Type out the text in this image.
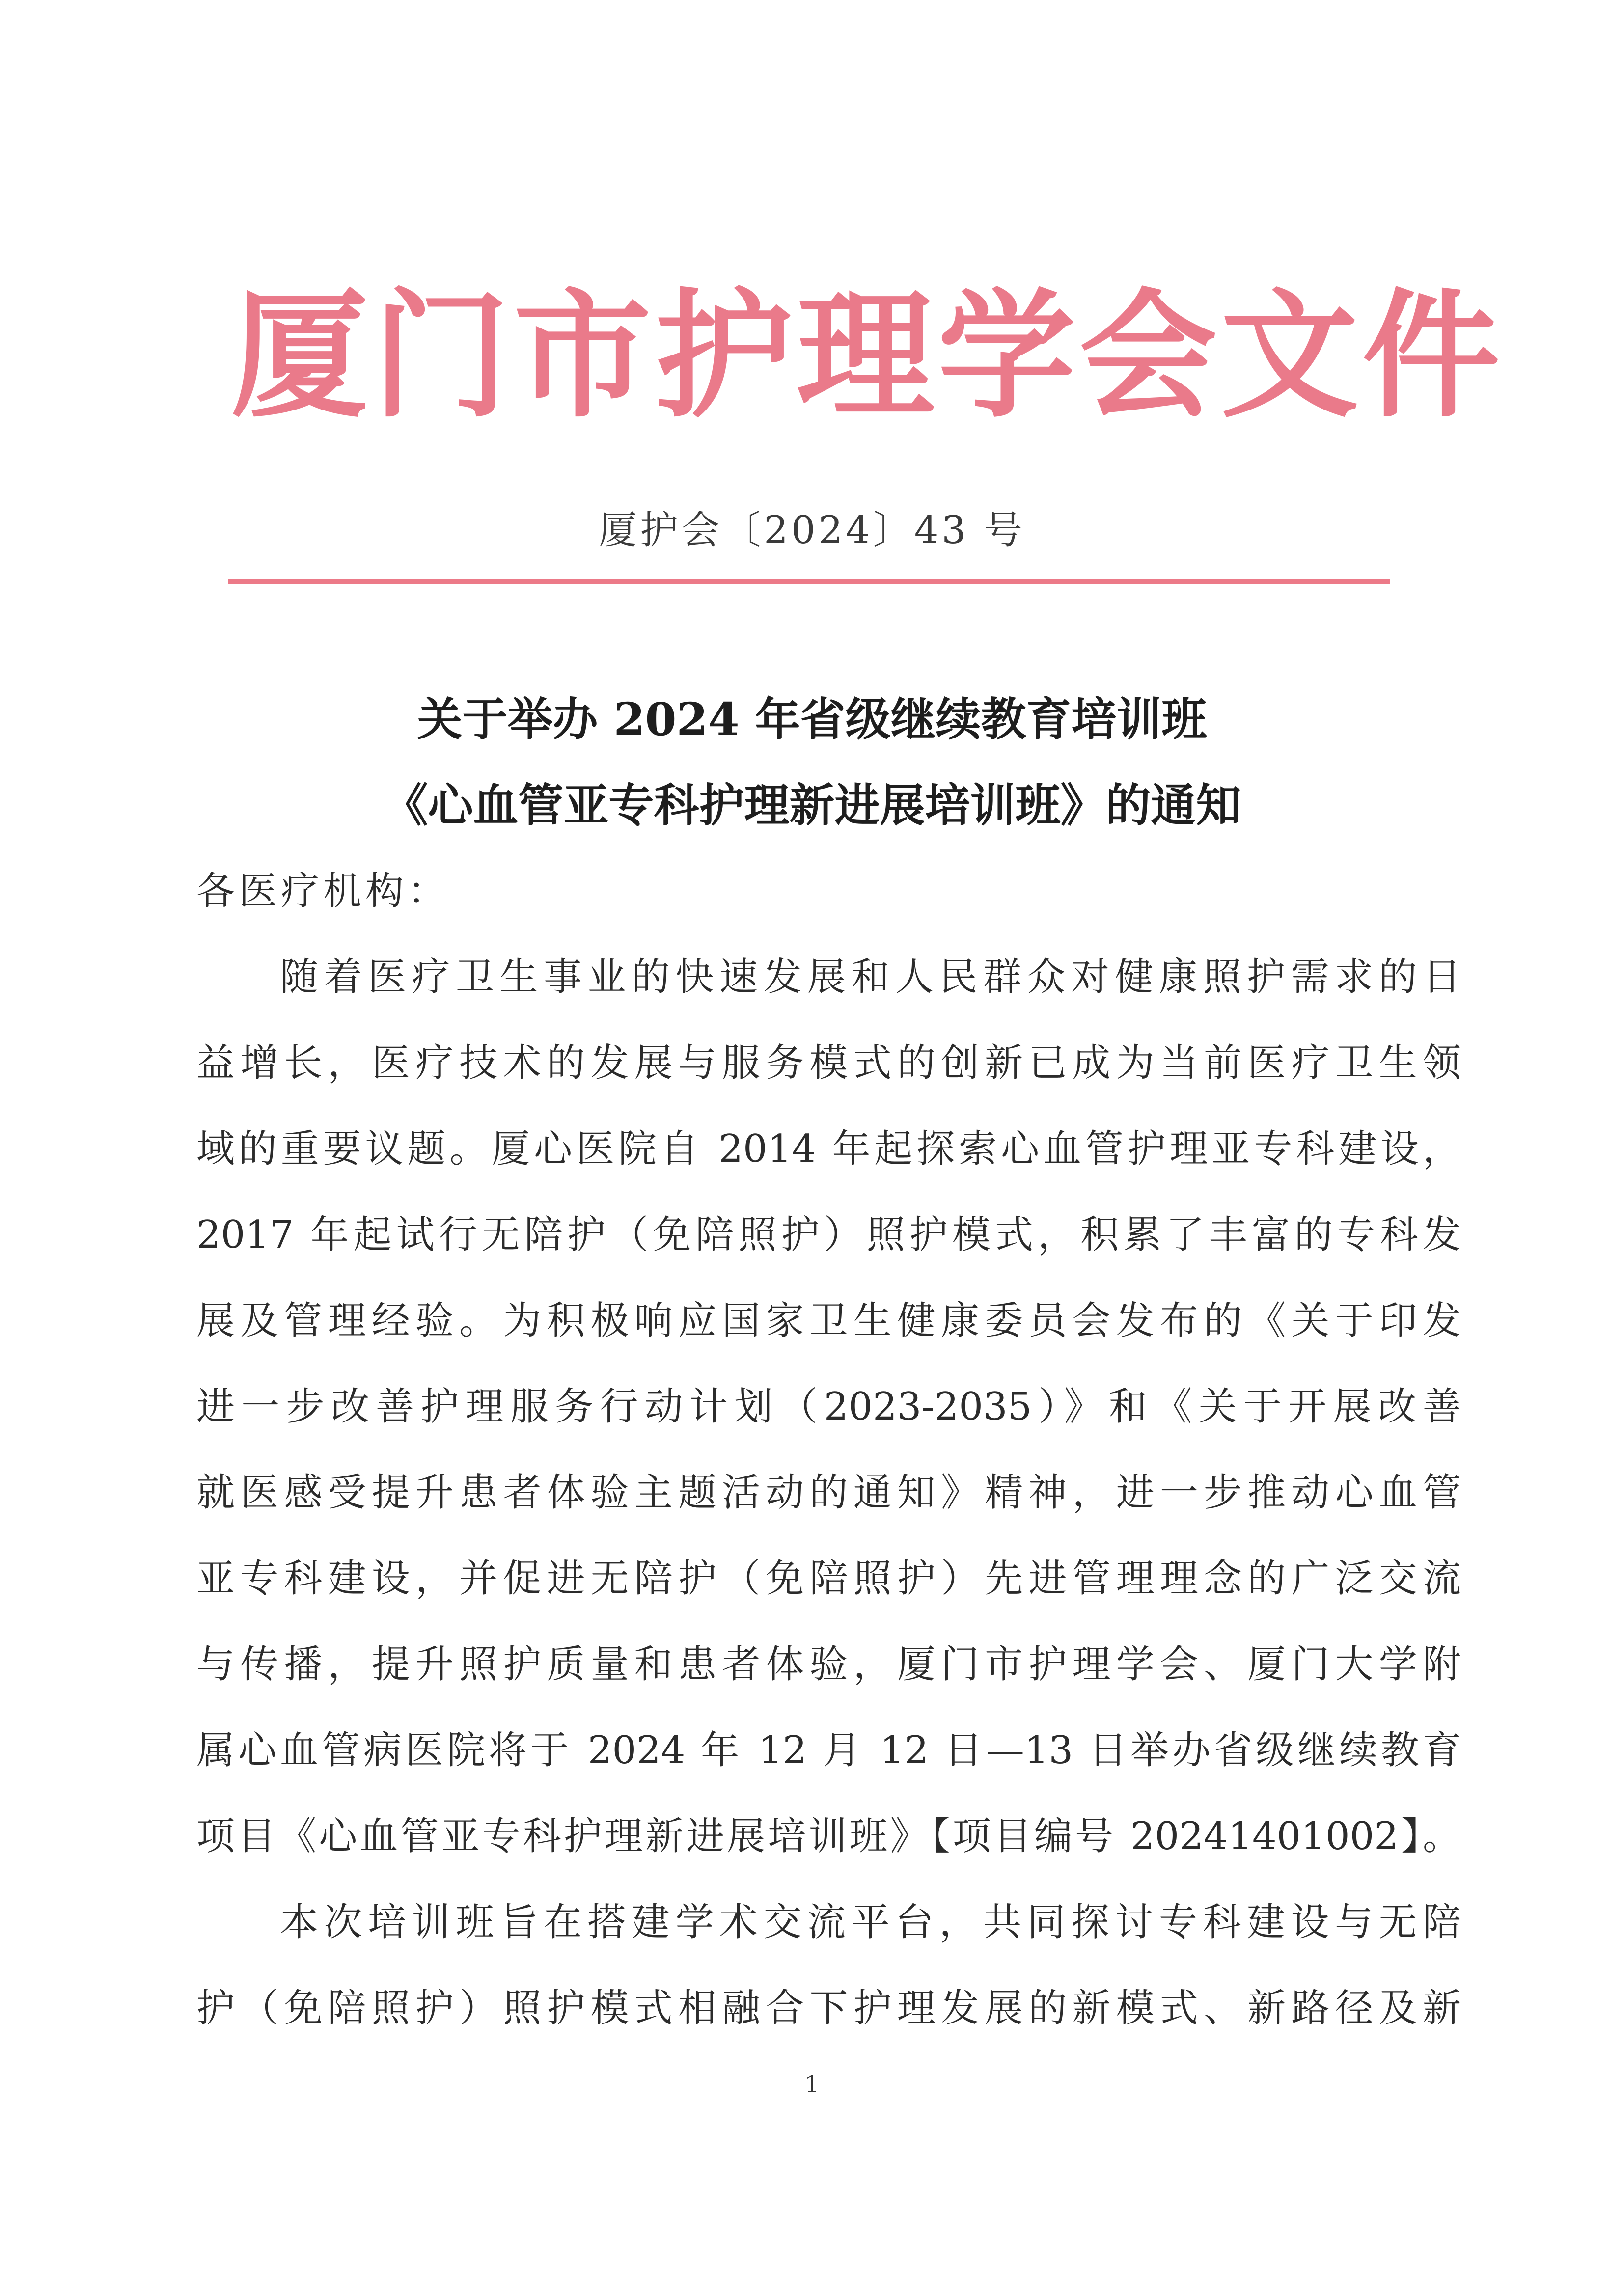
厦门市护理学会文件
厦护会〔2024〕43 号
关于举办 2024 年省级继续教育培训班
《心血管亚专科护理新进展培训班》的通知
各医疗机构：
随着医疗卫生事业的快速发展和人民群众对健康照护需求的日
益增长，医疗技术的发展与服务模式的创新已成为当前医疗卫生领
域的重要议题。厦心医院自 2014 年起探索心血管护理亚专科建设，
2017 年起试行无陪护（免陪照护）照护模式，积累了丰富的专科发
展及管理经验。为积极响应国家卫生健康委员会发布的《关于印发
进一步改善护理服务行动计划（2023-2035）》和《关于开展改善
就医感受提升患者体验主题活动的通知》精神，进一步推动心血管
亚专科建设，并促进无陪护（免陪照护）先进管理理念的广泛交流
与传播，提升照护质量和患者体验，厦门市护理学会、厦门大学附
属心血管病医院将于 2024 年 12 月 12 日—13 日举办省级继续教育
项目《心血管亚专科护理新进展培训班》【项目编号 20241401002】。
本次培训班旨在搭建学术交流平台，共同探讨专科建设与无陪
护（免陪照护）照护模式相融合下护理发展的新模式、新路径及新
1
